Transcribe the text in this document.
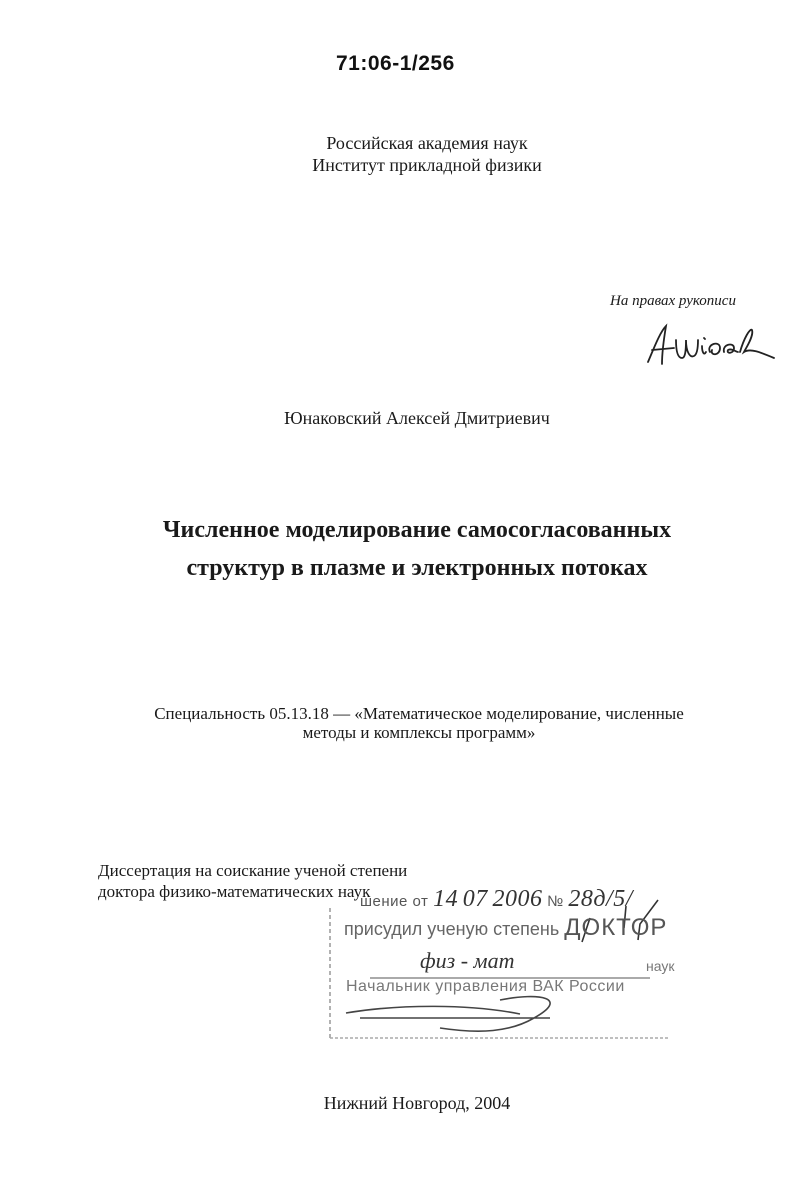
71:06-1/256
Российская академия наук
Институт прикладной физики
На правах рукописи
Юнаковский Алексей Дмитриевич
Численное моделирование самосогласованных
структур в плазме и электронных потоках
Специальность 05.13.18 — «Математическое моделирование, численные
методы и комплексы программ»
Диссертация на соискание ученой степени
доктора физико-математических наук
шение от 14 07 2006 № 28д/5/
присудил ученую степень ДОКТОР
физ - мат	наук
Начальник управления ВАК России
Нижний Новгород, 2004
